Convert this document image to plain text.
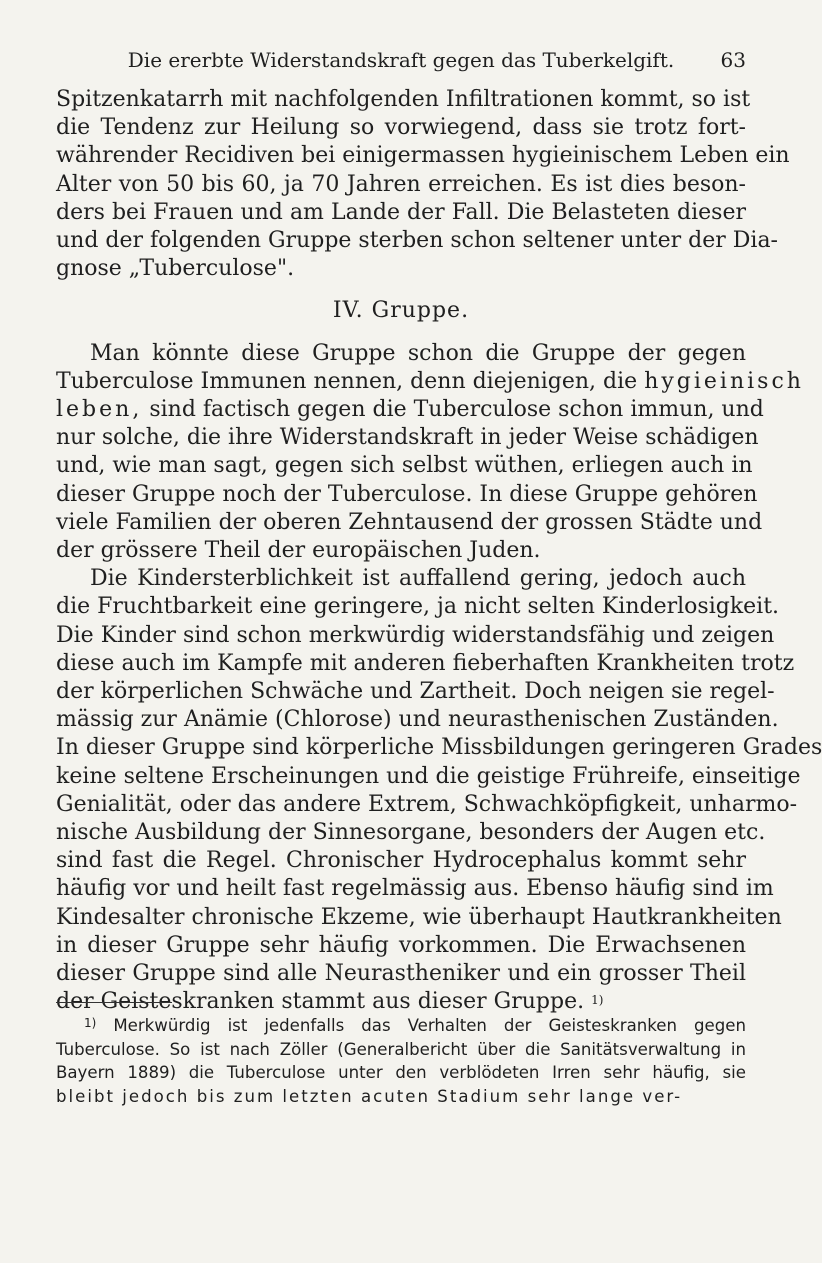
Die ererbte Widerstandskraft gegen das Tuberkelgift.	63

Spitzenkatarrh mit nachfolgenden Infiltrationen kommt, so ist
die Tendenz zur Heilung so vorwiegend, dass sie trotz fort-
währender Recidiven bei einigermassen hygieinischem Leben ein
Alter von 50 bis 60, ja 70 Jahren erreichen. Es ist dies beson-
ders bei Frauen und am Lande der Fall. Die Belasteten dieser
und der folgenden Gruppe sterben schon seltener unter der Dia-
gnose „Tuberculose".

IV. Gruppe.

Man könnte diese Gruppe schon die Gruppe der gegen
Tuberculose Immunen nennen, denn diejenigen, die hygieinisch
leben, sind factisch gegen die Tuberculose schon immun, und
nur solche, die ihre Widerstandskraft in jeder Weise schädigen
und, wie man sagt, gegen sich selbst wüthen, erliegen auch in
dieser Gruppe noch der Tuberculose. In diese Gruppe gehören
viele Familien der oberen Zehntausend der grossen Städte und
der grössere Theil der europäischen Juden.

Die Kindersterblichkeit ist auffallend gering, jedoch auch
die Fruchtbarkeit eine geringere, ja nicht selten Kinderlosigkeit.
Die Kinder sind schon merkwürdig widerstandsfähig und zeigen
diese auch im Kampfe mit anderen fieberhaften Krankheiten trotz
der körperlichen Schwäche und Zartheit. Doch neigen sie regel-
mässig zur Anämie (Chlorose) und neurasthenischen Zuständen.
In dieser Gruppe sind körperliche Missbildungen geringeren Grades
keine seltene Erscheinungen und die geistige Frühreife, einseitige
Genialität, oder das andere Extrem, Schwachköpfigkeit, unharmo-
nische Ausbildung der Sinnesorgane, besonders der Augen etc.
sind fast die Regel. Chronischer Hydrocephalus kommt sehr
häufig vor und heilt fast regelmässig aus. Ebenso häufig sind im
Kindesalter chronische Ekzeme, wie überhaupt Hautkrankheiten
in dieser Gruppe sehr häufig vorkommen. Die Erwachsenen
dieser Gruppe sind alle Neurastheniker und ein grosser Theil
der Geisteskranken stammt aus dieser Gruppe. $^{1)}$

$^{1)}$ Merkwürdig ist jedenfalls das Verhalten der Geisteskranken gegen
Tuberculose. So ist nach Zöller (Generalbericht über die Sanitätsverwaltung in
Bayern 1889) die Tuberculose unter den verblödeten Irren sehr häufig, sie
bleibt jedoch bis zum letzten acuten Stadium sehr lange ver-
